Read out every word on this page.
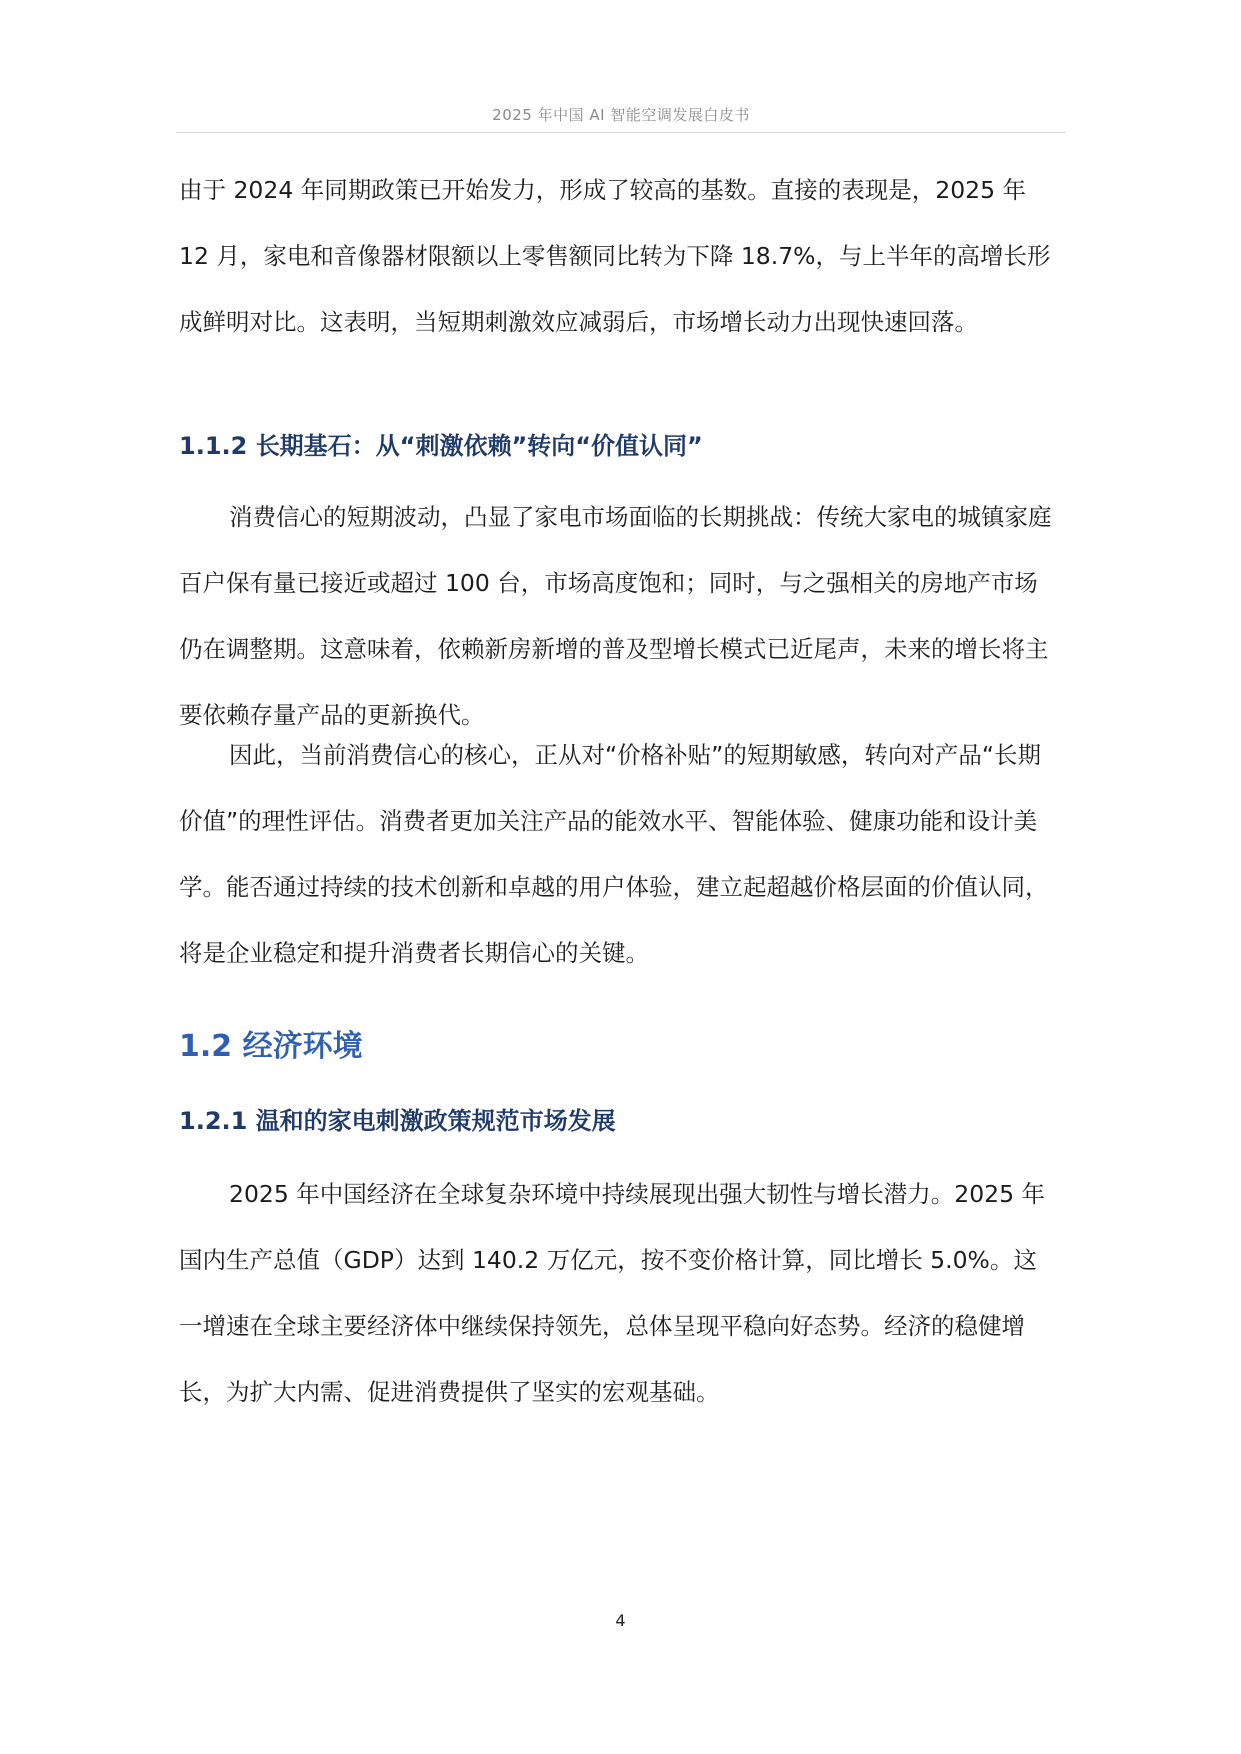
2025 年中国 AI 智能空调发展白皮书

由于 2024 年同期政策已开始发力，形成了较高的基数。直接的表现是，2025 年 12 月，家电和音像器材限额以上零售额同比转为下降 18.7%，与上半年的高增长形成鲜明对比。这表明，当短期刺激效应减弱后，市场增长动力出现快速回落。

1.1.2 长期基石：从“刺激依赖”转向“价值认同”

消费信心的短期波动，凸显了家电市场面临的长期挑战：传统大家电的城镇家庭百户保有量已接近或超过 100 台，市场高度饱和；同时，与之强相关的房地产市场仍在调整期。这意味着，依赖新房新增的普及型增长模式已近尾声，未来的增长将主要依赖存量产品的更新换代。

因此，当前消费信心的核心，正从对“价格补贴”的短期敏感，转向对产品“长期价值”的理性评估。消费者更加关注产品的能效水平、智能体验、健康功能和设计美学。能否通过持续的技术创新和卓越的用户体验，建立起超越价格层面的价值认同，将是企业稳定和提升消费者长期信心的关键。

1.2 经济环境
1.2.1 温和的家电刺激政策规范市场发展

2025 年中国经济在全球复杂环境中持续展现出强大韧性与增长潜力。2025 年国内生产总值（GDP）达到 140.2 万亿元，按不变价格计算，同比增长 5.0%。这一增速在全球主要经济体中继续保持领先，总体呈现平稳向好态势。经济的稳健增长，为扩大内需、促进消费提供了坚实的宏观基础。

4
